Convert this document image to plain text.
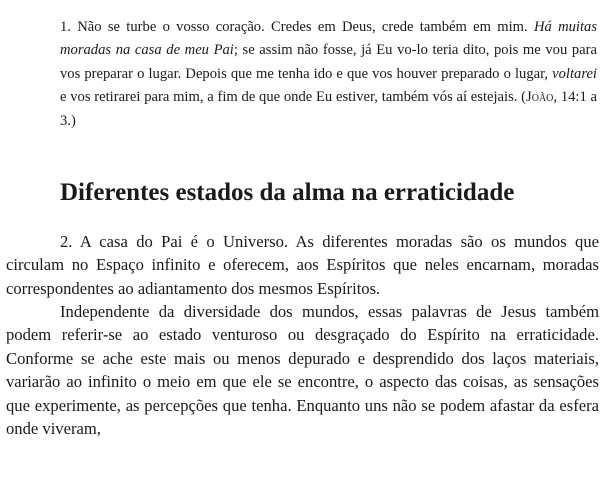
1. Não se turbe o vosso coração. Credes em Deus, crede também em mim. Há muitas moradas na casa de meu Pai; se assim não fosse, já Eu vo-lo teria dito, pois me vou para vos preparar o lugar. Depois que me tenha ido e que vos houver preparado o lugar, voltarei e vos retirarei para mim, a fim de que onde Eu estiver, também vós aí estejais. (João, 14:1 a 3.)

Diferentes estados da alma na erraticidade

2. A casa do Pai é o Universo. As diferentes moradas são os mundos que circulam no Espaço infinito e oferecem, aos Espíritos que neles encarnam, moradas correspondentes ao adiantamento dos mesmos Espíritos.

Independente da diversidade dos mundos, essas palavras de Jesus também podem referir-se ao estado venturoso ou desgraçado do Espírito na erraticidade. Conforme se ache este mais ou menos depurado e desprendido dos laços materiais, variarão ao infinito o meio em que ele se encontre, o aspecto das coisas, as sensações que experimente, as percepções que tenha. Enquanto uns não se podem afastar da esfera onde viveram,
